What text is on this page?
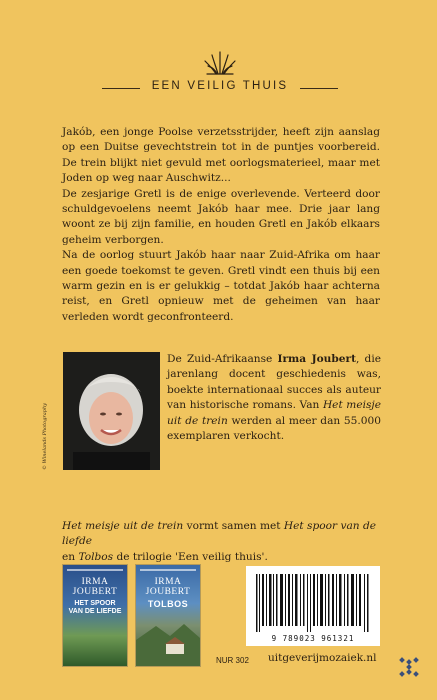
EEN VEILIG THUIS

Jakób, een jonge Poolse verzetsstrijder, heeft zijn aanslag op een Duitse gevechtstrein tot in de puntjes voorbereid. De trein blijkt niet gevuld met oorlogsmaterieel, maar met Joden op weg naar Auschwitz...

De zesjarige Gretl is de enige overlevende. Verteerd door schuldgevoelens neemt Jakób haar mee. Drie jaar lang woont ze bij zijn familie, en houden Gretl en Jakób elkaars geheim verborgen.

Na de oorlog stuurt Jakób haar naar Zuid-Afrika om haar een goede toekomst te geven. Gretl vindt een thuis bij een warm gezin en is er gelukkig – totdat Jakób haar achterna reist, en Gretl opnieuw met de geheimen van haar verleden wordt geconfronteerd.

© Winelands Photography
De Zuid-Afrikaanse Irma Joubert, die jarenlang docent geschiedenis was, boekte internationaal succes als auteur van historische romans. Van Het meisje uit de trein werden al meer dan 55.000 exemplaren verkocht.
Het meisje uit de trein vormt samen met Het spoor van de liefde
en Tolbos de trilogie 'Een veilig thuis'.
IRMA
JOUBERT
HET SPOOR
VAN DE LIEFDE
IRMA
JOUBERT
TOLBOS
9 789023 961321
NUR 302 uitgeverijmozaiek.nl
